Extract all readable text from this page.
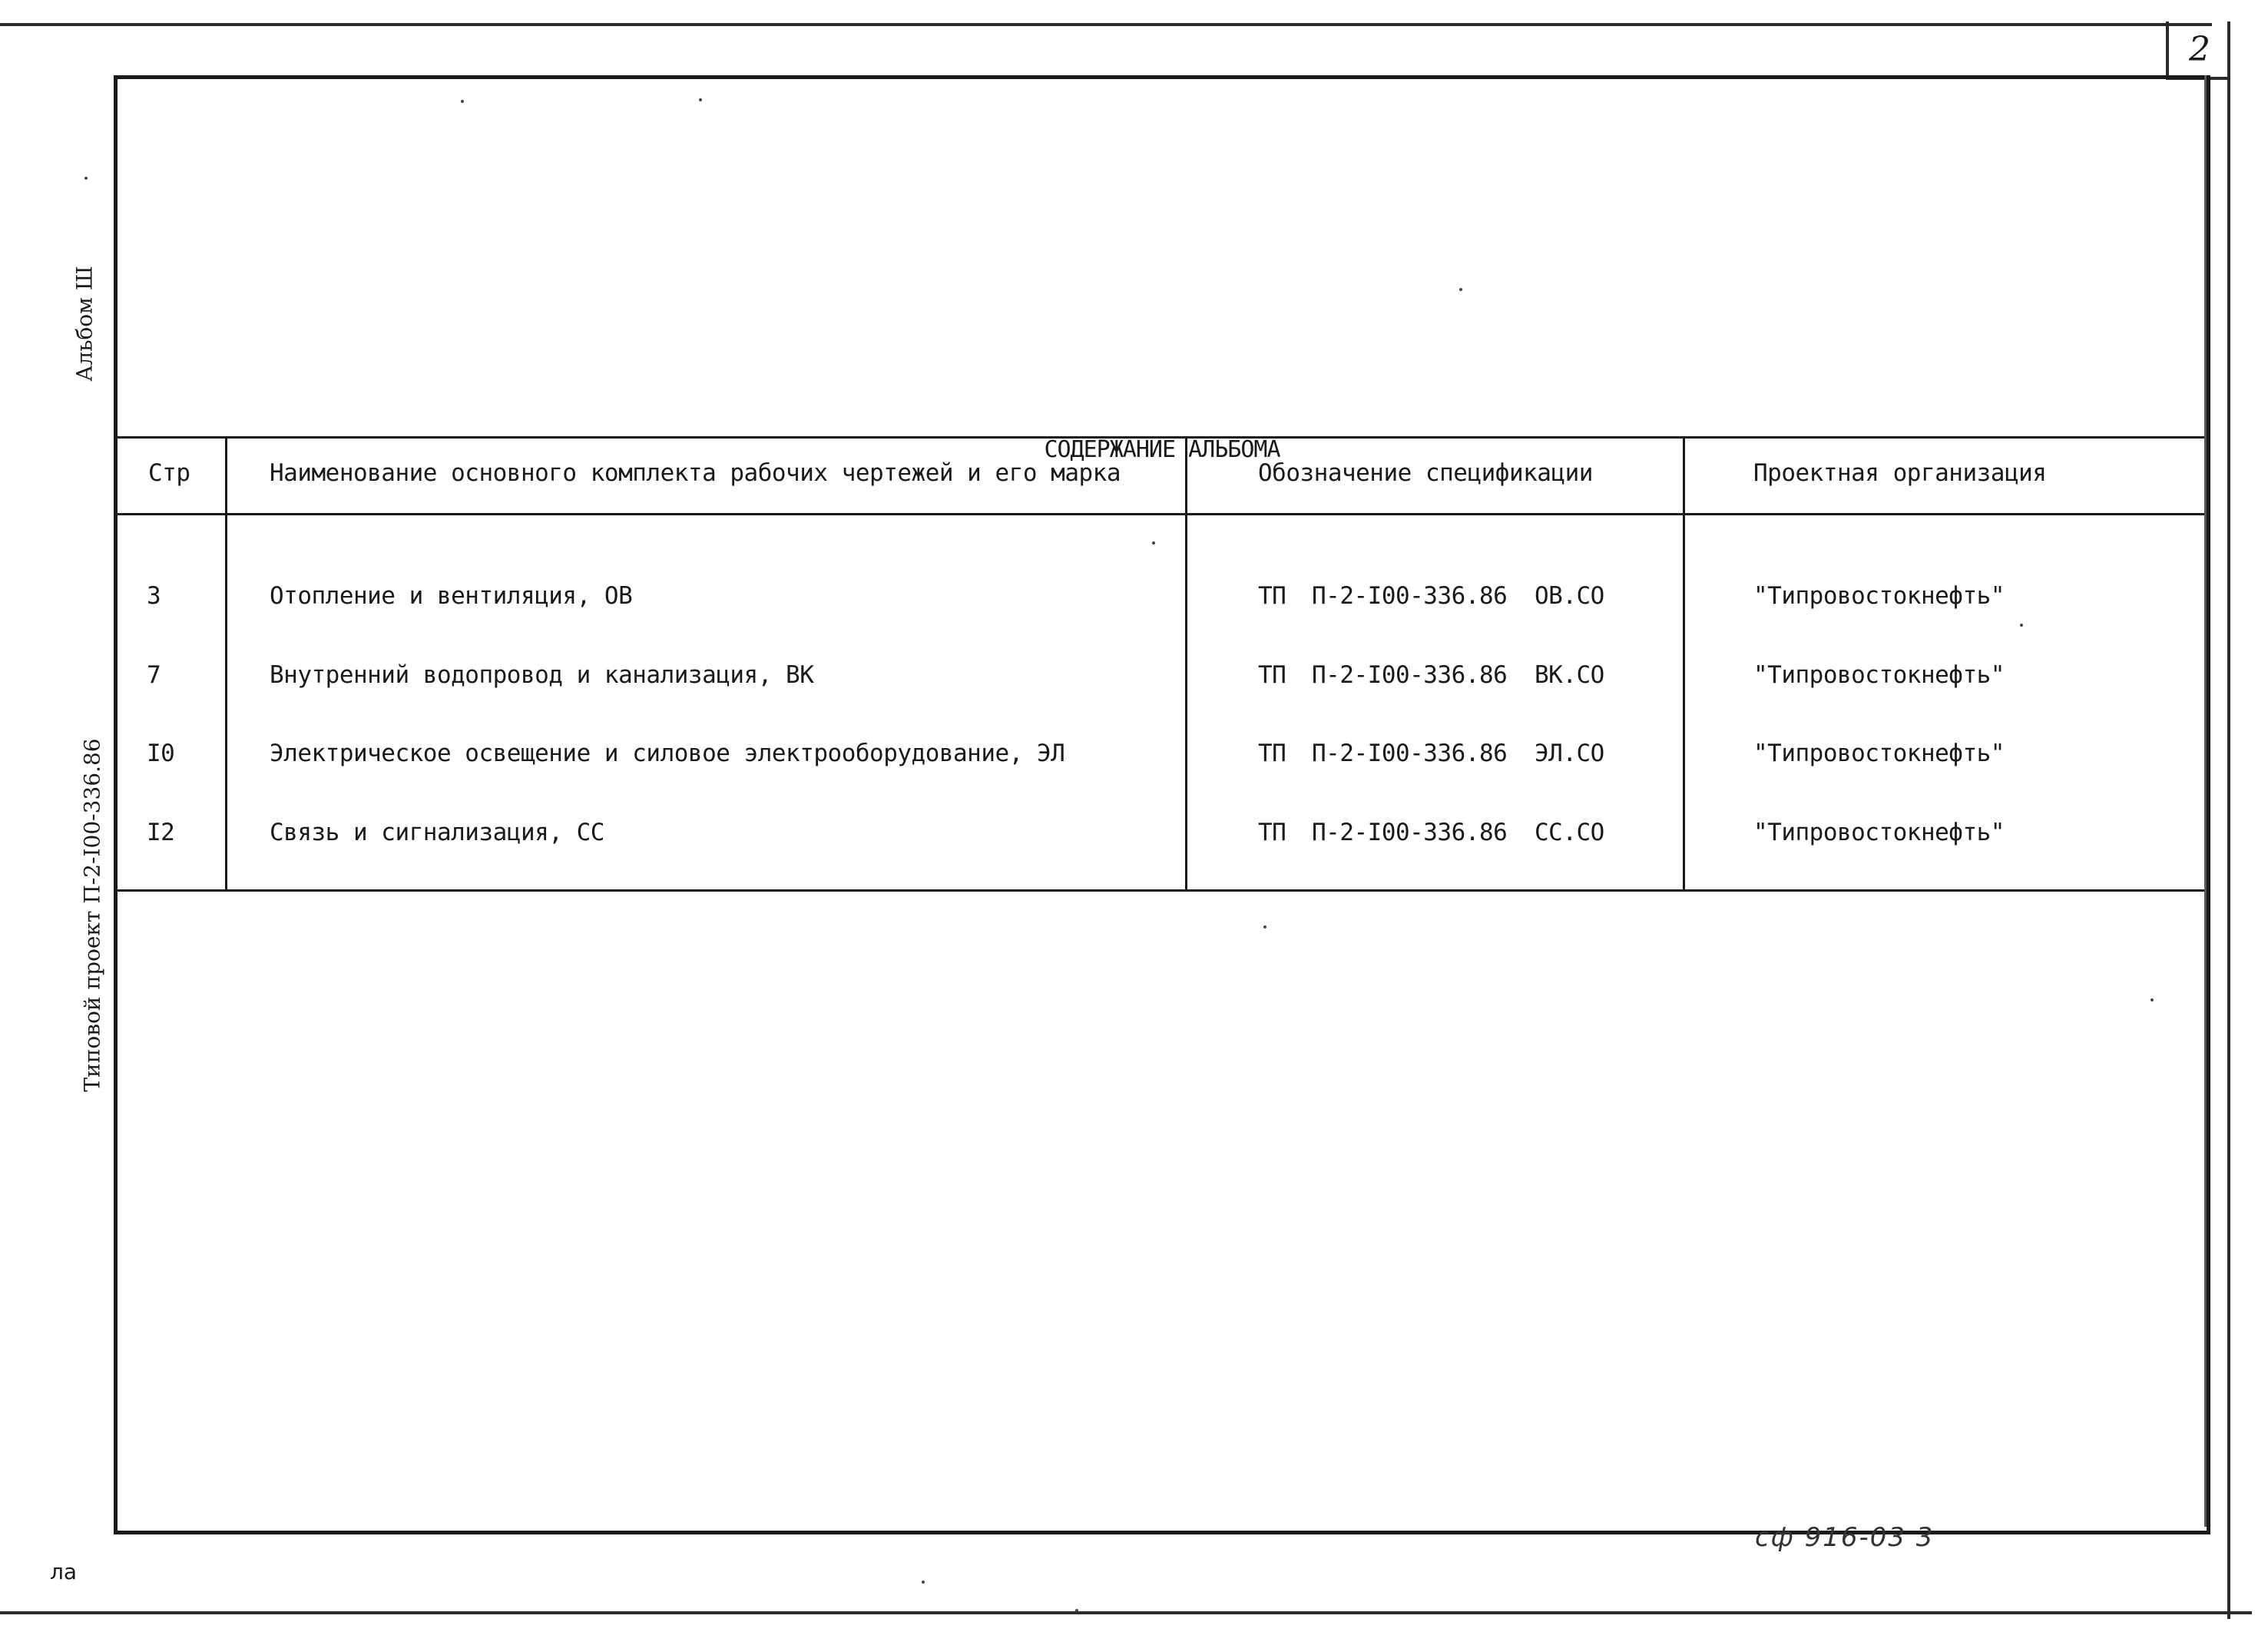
2
Альбом Ш
Типовой проект П-2-I00-336.86
СОДЕРЖАНИЕ АЛЬБОМА
Стр	Наименование основного комплекта рабочих чертежей и его марка	Обозначение спецификации	Проектная организация
3	Отопление и вентиляция, ОВ	ТП П-2-I00-336.86 ОВ.СО	"Типровостокнефть"
7	Внутренний водопровод и канализация, ВК	ТП П-2-I00-336.86 ВК.СО	"Типровостокнефть"
I0	Электрическое освещение и силовое электрооборудование, ЭЛ	ТП П-2-I00-336.86 ЭЛ.СО	"Типровостокнефть"
I2	Связь и сигнализация, СС	ТП П-2-I00-336.86 СС.СО	"Типровостокнефть"
сф 916-03 3
ла
